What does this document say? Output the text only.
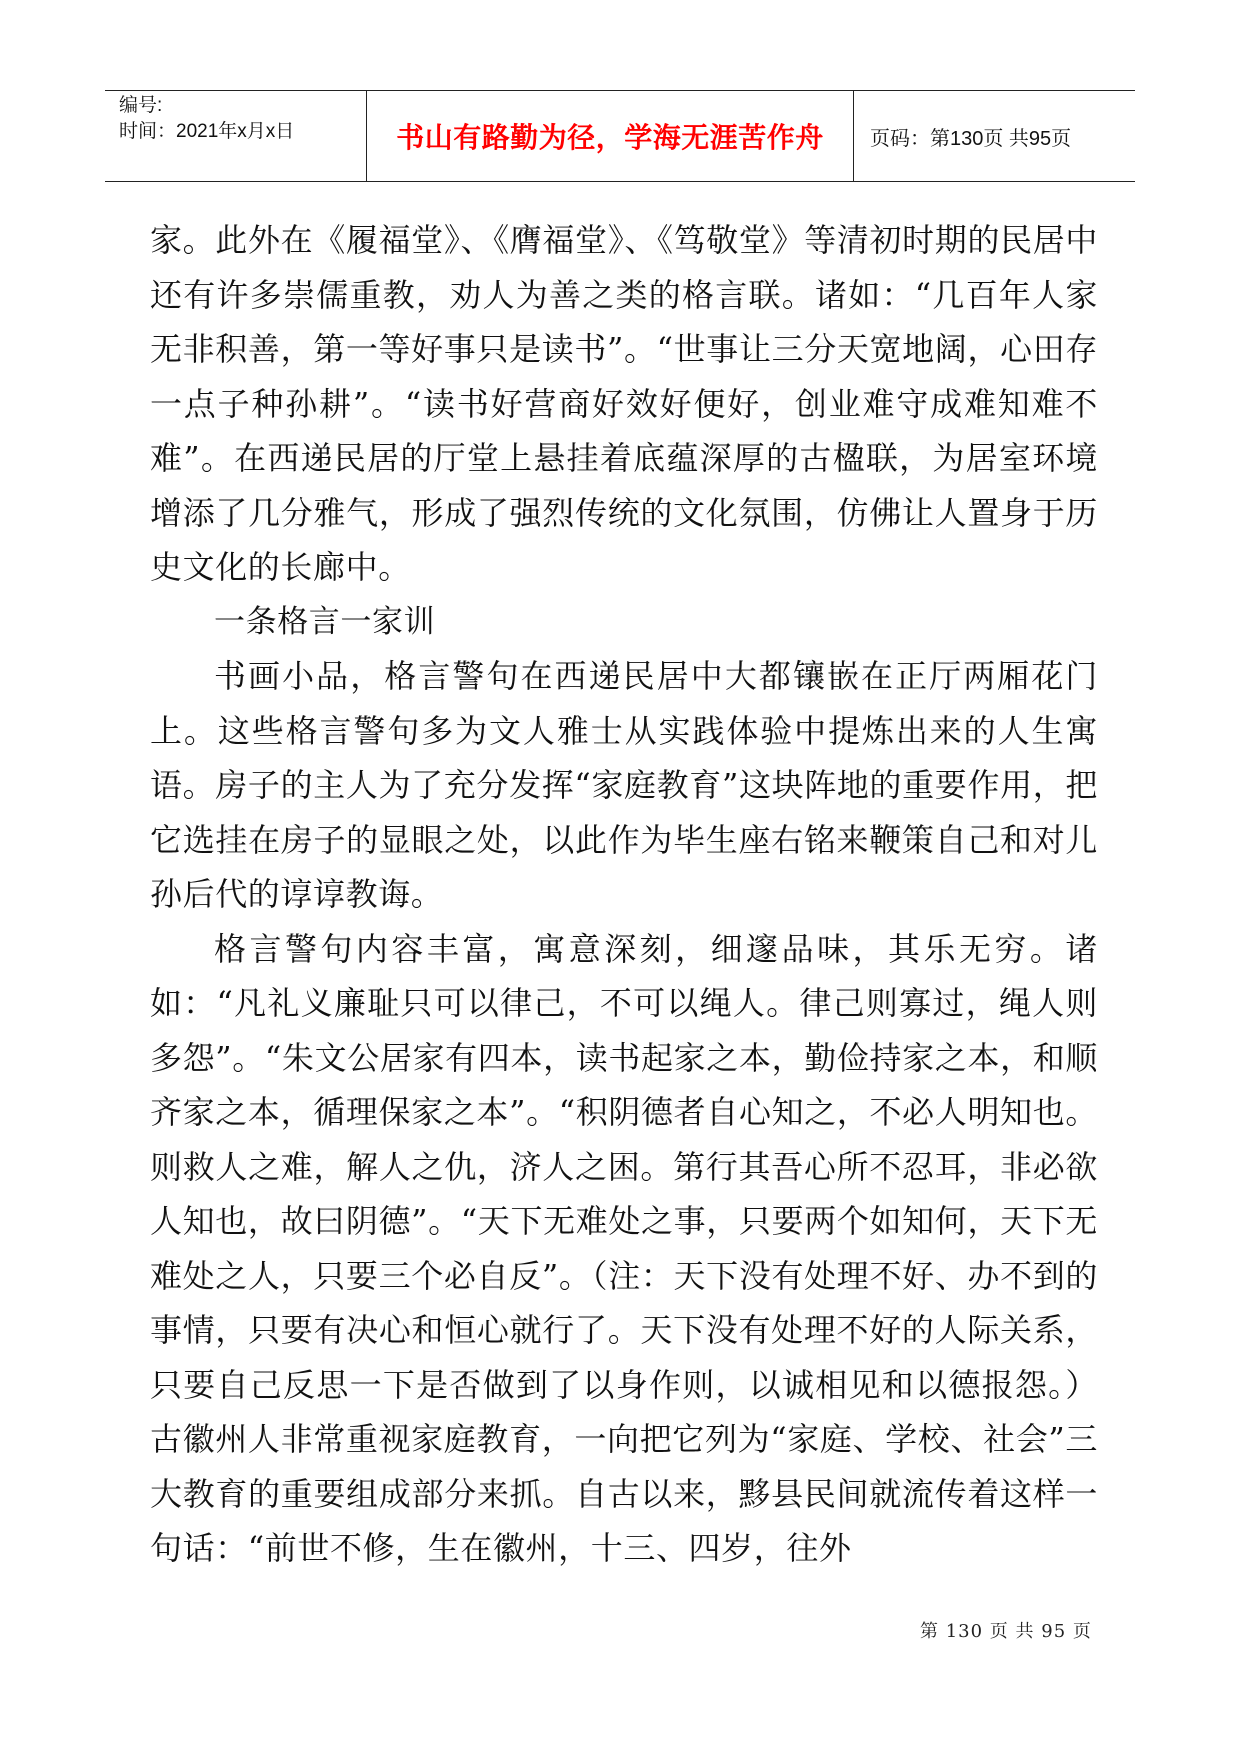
编号:
时间：2021年x月x日	书山有路勤为径，学海无涯苦作舟	页码：第130页 共95页

家。此外在《履福堂》、《膺福堂》、《笃敬堂》等清初时期的民居中还有许多崇儒重教，劝人为善之类的格言联。诸如：“几百年人家无非积善，第一等好事只是读书”。“世事让三分天宽地阔，心田存一点子种孙耕”。“读书好营商好效好便好，创业难守成难知难不难”。在西递民居的厅堂上悬挂着底蕴深厚的古楹联，为居室环境增添了几分雅气，形成了强烈传统的文化氛围，仿佛让人置身于历史文化的长廊中。

一条格言一家训

书画小品，格言警句在西递民居中大都镶嵌在正厅两厢花门上。这些格言警句多为文人雅士从实践体验中提炼出来的人生寓语。房子的主人为了充分发挥“家庭教育”这块阵地的重要作用，把它选挂在房子的显眼之处，以此作为毕生座右铭来鞭策自己和对儿孙后代的谆谆教诲。

格言警句内容丰富，寓意深刻，细邃品味，其乐无穷。诸如：“凡礼义廉耻只可以律己，不可以绳人。律己则寡过，绳人则多怨”。“朱文公居家有四本，读书起家之本，勤俭持家之本，和顺齐家之本，循理保家之本”。“积阴德者自心知之，不必人明知也。则救人之难，解人之仇，济人之困。第行其吾心所不忍耳，非必欲人知也，故曰阴德”。“天下无难处之事，只要两个如知何，天下无难处之人，只要三个必自反”。（注：天下没有处理不好、办不到的事情，只要有决心和恒心就行了。天下没有处理不好的人际关系，只要自己反思一下是否做到了以身作则，以诚相见和以德报怨。）古徽州人非常重视家庭教育，一向把它列为“家庭、学校、社会”三大教育的重要组成部分来抓。自古以来，黟县民间就流传着这样一句话：“前世不修，生在徽州，十三、四岁，往外

第 130 页 共 95 页
